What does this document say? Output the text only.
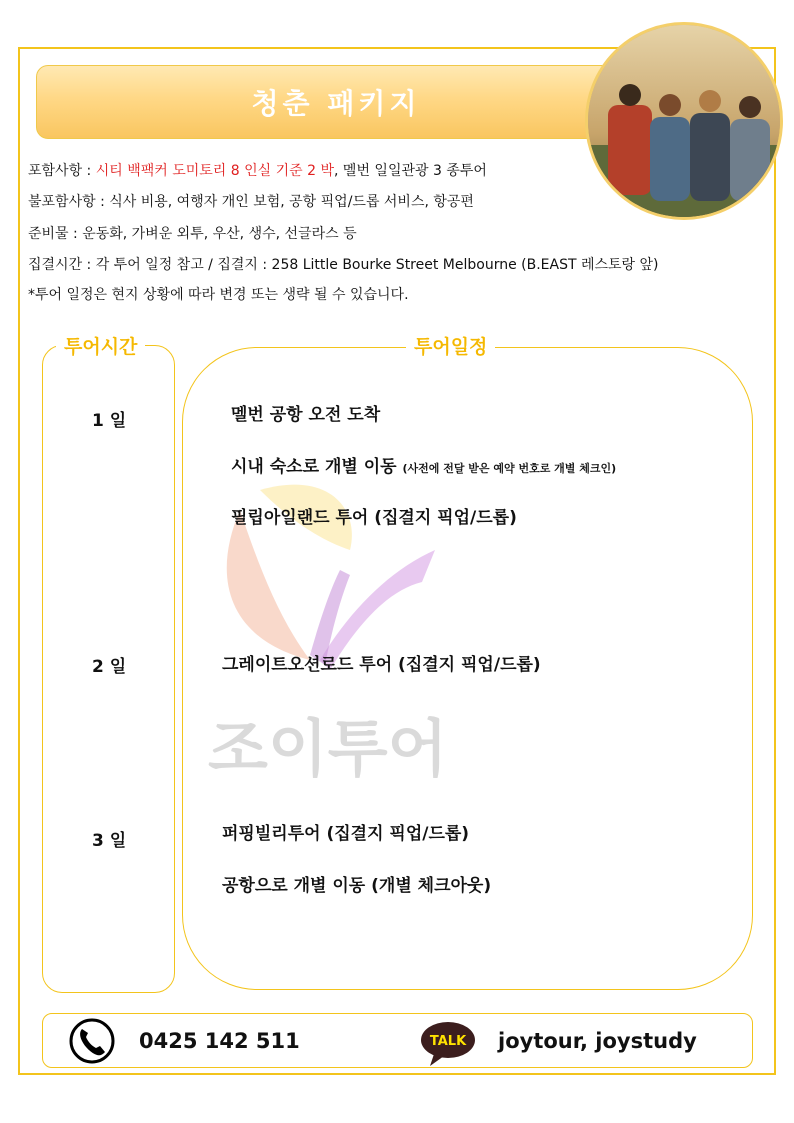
청춘 패키지
포함사항 : 시티 백팩커 도미토리 8 인실 기준 2 박, 멜번 일일관광 3 종투어
불포함사항 : 식사 비용, 여행자 개인 보험, 공항 픽업/드롭 서비스, 항공편
준비물 : 운동화, 가벼운 외투, 우산, 생수, 선글라스 등
집결시간 : 각 투어 일정 참고 / 집결지 : 258 Little Bourke Street Melbourne (B.EAST 레스토랑 앞)
*투어 일정은 현지 상황에 따라 변경 또는 생략 될 수 있습니다.
투어시간	투어일정
조이투어
1 일
2 일
3 일
멜번 공항 오전 도착
시내 숙소로 개별 이동 (사전에 전달 받은 예약 번호로 개별 체크인)
필립아일랜드 투어 (집결지 픽업/드롭)
그레이트오션로드 투어 (집결지 픽업/드롭)
퍼핑빌리투어 (집결지 픽업/드롭)
공항으로 개별 이동 (개별 체크아웃)
0425 142 511	TALK joytour, joystudy
